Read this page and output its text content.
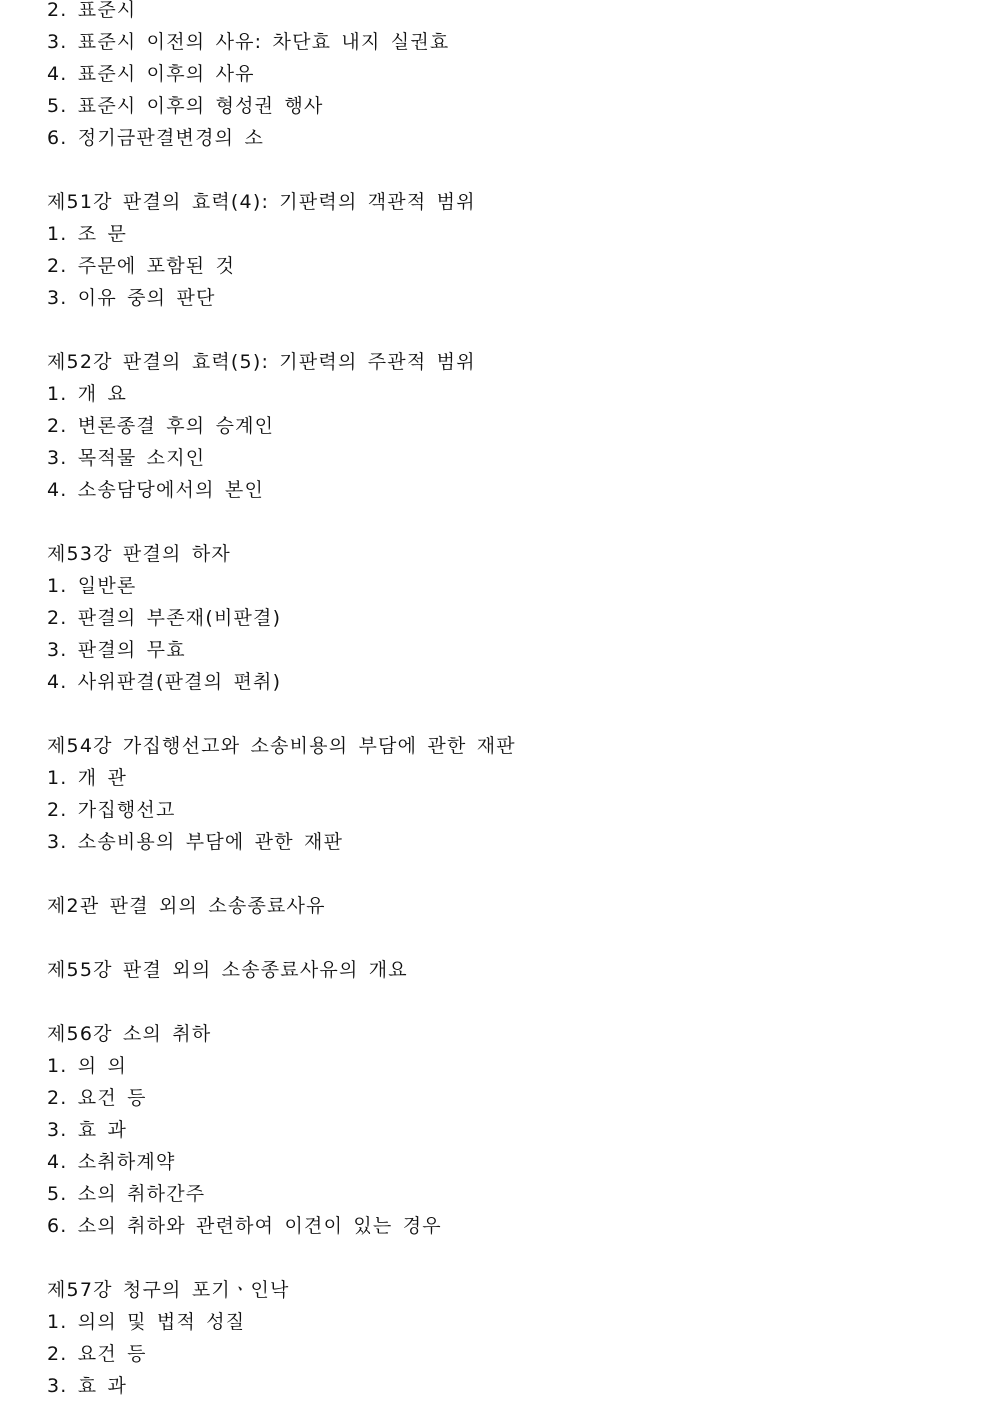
2. 표준시
3. 표준시 이전의 사유: 차단효 내지 실권효
4. 표준시 이후의 사유
5. 표준시 이후의 형성권 행사
6. 정기금판결변경의 소
제51강 판결의 효력(4): 기판력의 객관적 범위
1. 조 문
2. 주문에 포함된 것
3. 이유 중의 판단
제52강 판결의 효력(5): 기판력의 주관적 범위
1. 개 요
2. 변론종결 후의 승계인
3. 목적물 소지인
4. 소송담당에서의 본인
제53강 판결의 하자
1. 일반론
2. 판결의 부존재(비판결)
3. 판결의 무효
4. 사위판결(판결의 편취)
제54강 가집행선고와 소송비용의 부담에 관한 재판
1. 개 관
2. 가집행선고
3. 소송비용의 부담에 관한 재판
제2관 판결 외의 소송종료사유
제55강 판결 외의 소송종료사유의 개요
제56강 소의 취하
1. 의 의
2. 요건 등
3. 효 과
4. 소취하계약
5. 소의 취하간주
6. 소의 취하와 관련하여 이견이 있는 경우
제57강 청구의 포기ㆍ인낙
1. 의의 및 법적 성질
2. 요건 등
3. 효 과
